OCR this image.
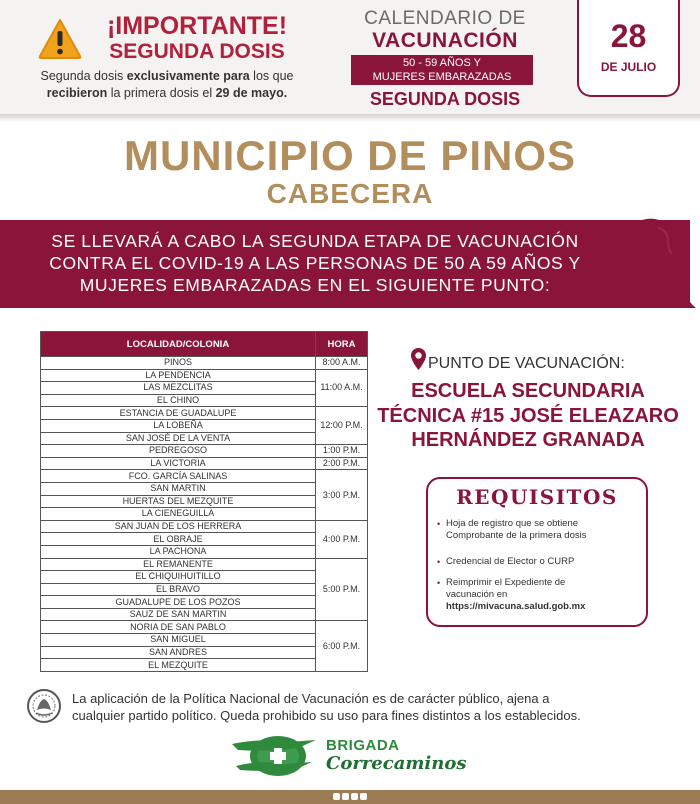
¡IMPORTANTE!
SEGUNDA DOSIS
Segunda dosis exclusivamente para los que
recibieron la primera dosis el 29 de mayo.
CALENDARIO DE
VACUNACIÓN
50 - 59 AÑOS Y
MUJERES EMBARAZADAS
SEGUNDA DOSIS
28
DE JULIO
MUNICIPIO DE PINOS
CABECERA
SE LLEVARÁ A CABO LA SEGUNDA ETAPA DE VACUNACIÓN
CONTRA EL COVID-19 A LAS PERSONAS DE 50 A 59 AÑOS Y
MUJERES EMBARAZADAS EN EL SIGUIENTE PUNTO:
LOCALIDAD/COLONIA	HORA
PINOS	8:00 A.M.
LA PENDENCIA	11:00 A.M.
LAS MEZCLITAS	
EL CHINO	
ESTANCIA DE GUADALUPE	12:00 P.M.
LA LOBEÑA	
SAN JOSÉ DE LA VENTA	
PEDREGOSO	1:00 P.M.
LA VICTORIA	2:00 P.M.
FCO. GARCÍA SALINAS	3:00 P.M.
SAN MARTIN	
HUERTAS DEL MEZQUITE	
LA CIENEGUILLA	
SAN JUAN DE LOS HERRERA	4:00 P.M.
EL OBRAJE	
LA PACHONA	
EL REMANENTE	5:00 P.M.
EL CHIQUIHUITILLO	
EL BRAVO	
GUADALUPE DE LOS POZOS	
SAUZ DE SAN MARTIN	
NORIA DE SAN PABLO	6:00 P.M.
SAN MIGUEL	
SAN ANDRES	
EL MEZQUITE	
PUNTO DE VACUNACIÓN:
ESCUELA SECUNDARIA
TÉCNICA #15 JOSÉ ELEAZARO
HERNÁNDEZ GRANADA
REQUISITOS
• Hoja de registro que se obtiene
Comprobante de la primera dosis
• Credencial de Elector o CURP
• Reimprimir el Expediente de
vacunación en
https://mivacuna.salud.gob.mx
La aplicación de la Política Nacional de Vacunación es de carácter público, ajena a
cualquier partido político. Queda prohibido su uso para fines distintos a los establecidos.
BRIGADA
Correcaminos
